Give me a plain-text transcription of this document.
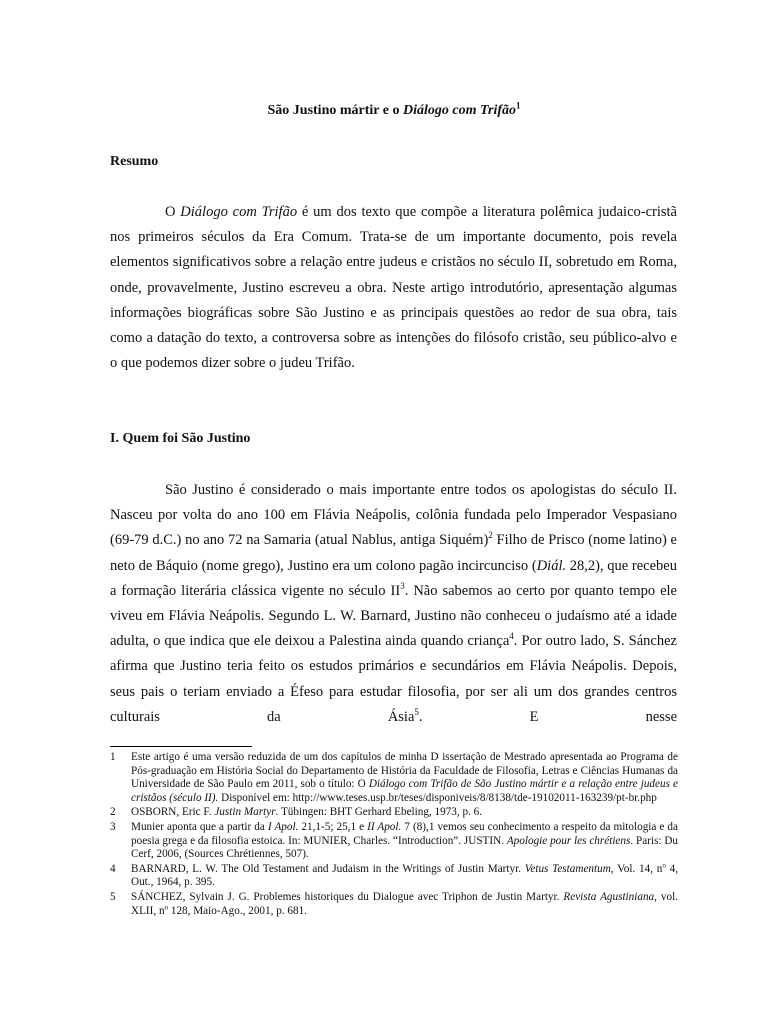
São Justino mártir e o Diálogo com Trifão$^1$
Resumo

O Diálogo com Trifão é um dos texto que compõe a literatura polêmica judaico-cristã nos primeiros séculos da Era Comum. Trata-se de um importante documento, pois revela elementos significativos sobre a relação entre judeus e cristãos no século II, sobretudo em Roma, onde, provavelmente, Justino escreveu a obra. Neste artigo introdutório, apresentação algumas informações biográficas sobre São Justino e as principais questões ao redor de sua obra, tais como a datação do texto, a controversa sobre as intenções do filósofo cristão, seu público-alvo e o que podemos dizer sobre o judeu Trifão.

I. Quem foi São Justino

São Justino é considerado o mais importante entre todos os apologistas do século II. Nasceu por volta do ano 100 em Flávia Neápolis, colônia fundada pelo Imperador Vespasiano (69-79 d.C.) no ano 72 na Samaria (atual Nablus, antiga Siquém)$^2$ Filho de Prisco (nome latino) e neto de Báquio (nome grego), Justino era um colono pagão incircunciso (Diál. 28,2), que recebeu a formação literária clássica vigente no século $II^3$. Não sabemos ao certo por quanto tempo ele viveu em Flávia Neápolis. Segundo L. W. Barnard, Justino não conheceu o judaísmo até a idade adulta, o que indica que ele deixou a Palestina ainda quando criança$^4$. Por outro lado, S. Sánchez afirma que Justino teria feito os estudos primários e secundários em Flávia Neápolis. Depois, seus pais o teriam enviado a Éfeso para estudar filosofia, por ser ali um dos grandes centros culturais da Ásia$^5$. E nesse

1 Este artigo é uma versão reduzida de um dos capítulos de minha D issertação de Mestrado apresentada ao Programa de Pós-graduação em História Social do Departamento de História da Faculdade de Filosofia, Letras e Ciências Humanas da Universidade de São Paulo em 2011, sob o título: O Diálogo com Trifão de São Justino mártir e a relação entre judeus e cristãos (século II). Disponível em: http://www.teses.usp.br/teses/disponiveis/8/8138/tde-19102011-163239/pt-br.php
2 OSBORN, Eric F. Justin Martyr. Tübingen: BHT Gerhard Ebeling, 1973, p. 6.
3 Munier aponta que a partir da I Apol. 21,1-5; 25,1 e II Apol. 7 (8),1 vemos seu conhecimento a respeito da mitologia e da poesia grega e da filosofia estoica. In: MUNIER, Charles. “Introduction”. JUSTIN. Apologie pour les chrétiens. Paris: Du Cerf, 2006, (Sources Chrétiennes, 507).
4 BARNARD, L. W. The Old Testament and Judaism in the Writings of Justin Martyr. Vetus Testamentum, Vol. 14, $n^o$ 4, Out., 1964, p. 395.
5 SÁNCHEZ, Sylvain J. G. Problemes historiques du Dialogue avec Triphon de Justin Martyr. Revista Agustiniana, vol. XLII, $n^o$ 128, Maio-Ago., 2001, p. 681.
